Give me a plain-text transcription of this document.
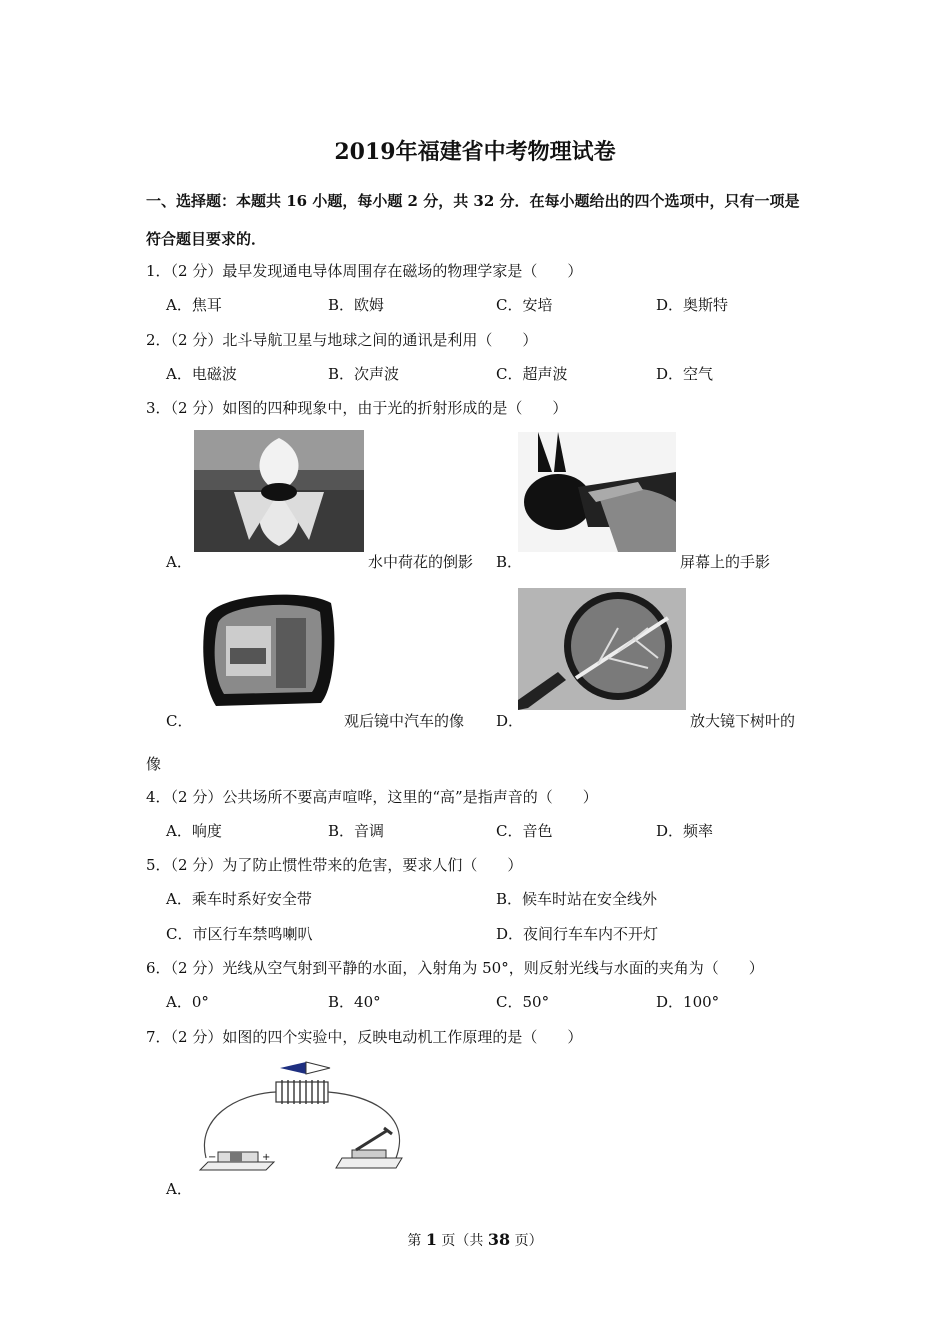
2019年福建省中考物理试卷
一、选择题：本题共 16 小题，每小题 2 分，共 32 分．在每小题给出的四个选项中，只有一项是
符合题目要求的．
1．（2 分）最早发现通电导体周围存在磁场的物理学家是（　　）
A．焦耳	B．欧姆	C．安培	D．奥斯特
2．（2 分）北斗导航卫星与地球之间的通讯是利用（　　）
A．电磁波	B．次声波	C．超声波	D．空气
3．（2 分）如图的四种现象中，由于光的折射形成的是（　　）
A．	水中荷花的倒影 B．	屏幕上的手影
C．	观后镜中汽车的像 D．	放大镜下树叶的
像
4．（2 分）公共场所不要高声喧哗，这里的“高”是指声音的（　　）
A．响度	B．音调	C．音色	D．频率
5．（2 分）为了防止惯性带来的危害，要求人们（　　）
A．乘车时系好安全带	B．候车时站在安全线外
C．市区行车禁鸣喇叭	D．夜间行车车内不开灯
6．（2 分）光线从空气射到平静的水面，入射角为 50°，则反射光线与水面的夹角为（　　）
A．0°	B．40°	C．50°	D．100°
7．（2 分）如图的四个实验中，反映电动机工作原理的是（　　）
−	+
A．
第 1 页（共 38 页）
